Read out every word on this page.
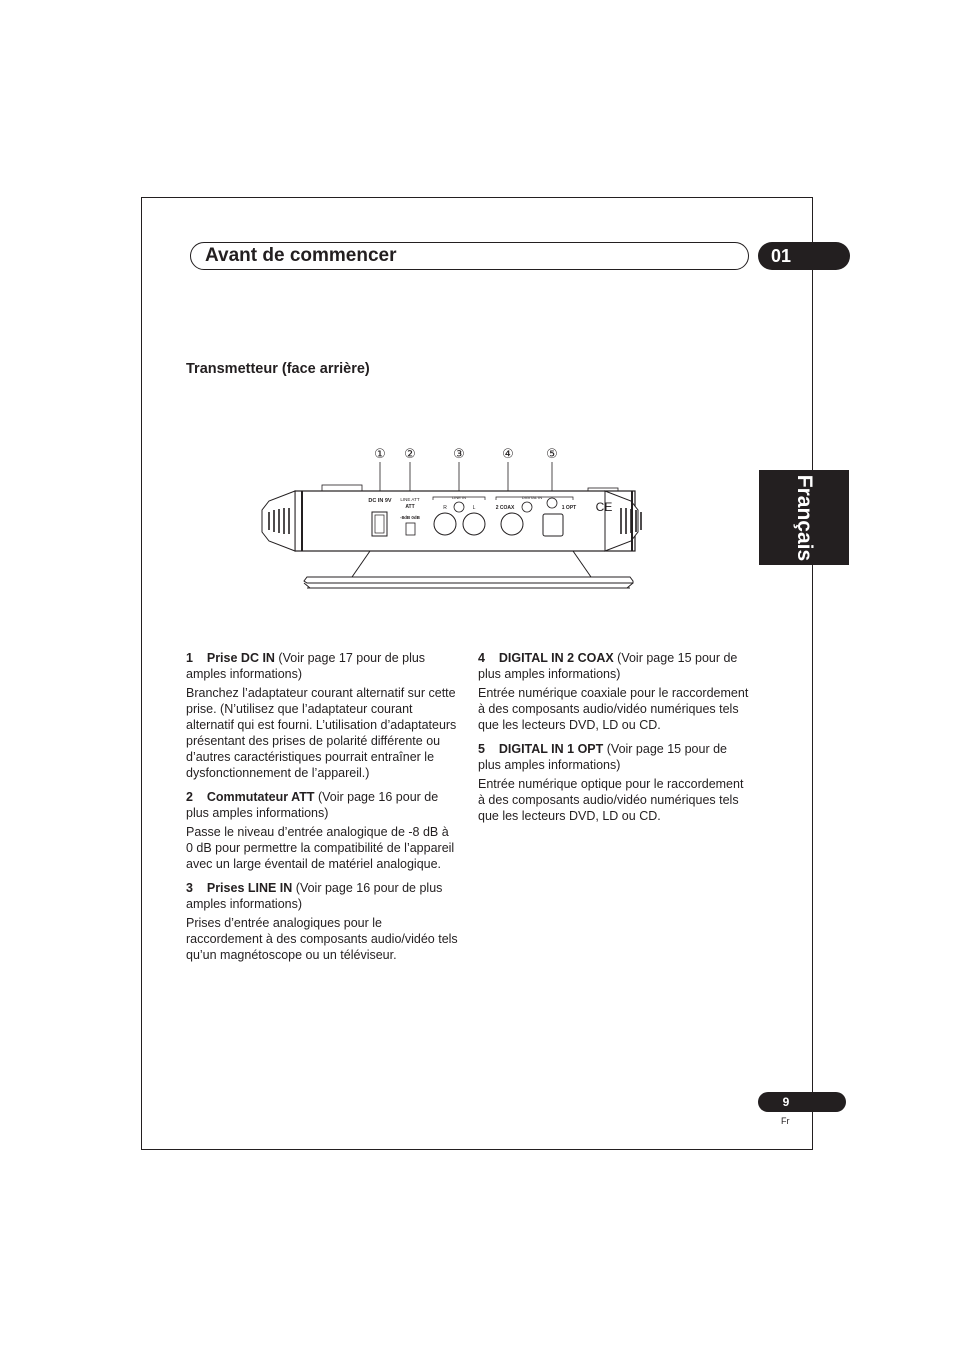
Avant de commencer	01
Français
Transmetteur (face arrière)
① ②	③	④ ⑤
DC IN 9V LINE ATT
ATT
-8dB 0dB
LINE IN
R	L
DIGITAL IN
2 COAX	1 OPT CE

1 Prise DC IN (Voir page 17 pour de plus amples informations)

Branchez l’adaptateur courant alternatif sur cette prise. (N’utilisez que l’adaptateur courant alternatif qui est fourni. L’utilisation d’adaptateurs présentant des prises de polarité différente ou d’autres caractéristiques pourrait entraîner le dysfonctionnement de l’appareil.)

2 Commutateur ATT (Voir page 16 pour de plus amples informations)

Passe le niveau d’entrée analogique de -8 dB à 0 dB pour permettre la compatibilité de l’appareil avec un large éventail de matériel analogique.

3 Prises LINE IN (Voir page 16 pour de plus amples informations)

Prises d’entrée analogiques pour le raccordement à des composants audio/vidéo tels qu’un magnétoscope ou un téléviseur.

4 DIGITAL IN 2 COAX (Voir page 15 pour de plus amples informations)

Entrée numérique coaxiale pour le raccordement à des composants audio/vidéo numériques tels que les lecteurs DVD, LD ou CD.

5 DIGITAL IN 1 OPT (Voir page 15 pour de plus amples informations)

Entrée numérique optique pour le raccordement à des composants audio/vidéo numériques tels que les lecteurs DVD, LD ou CD.

9
Fr
